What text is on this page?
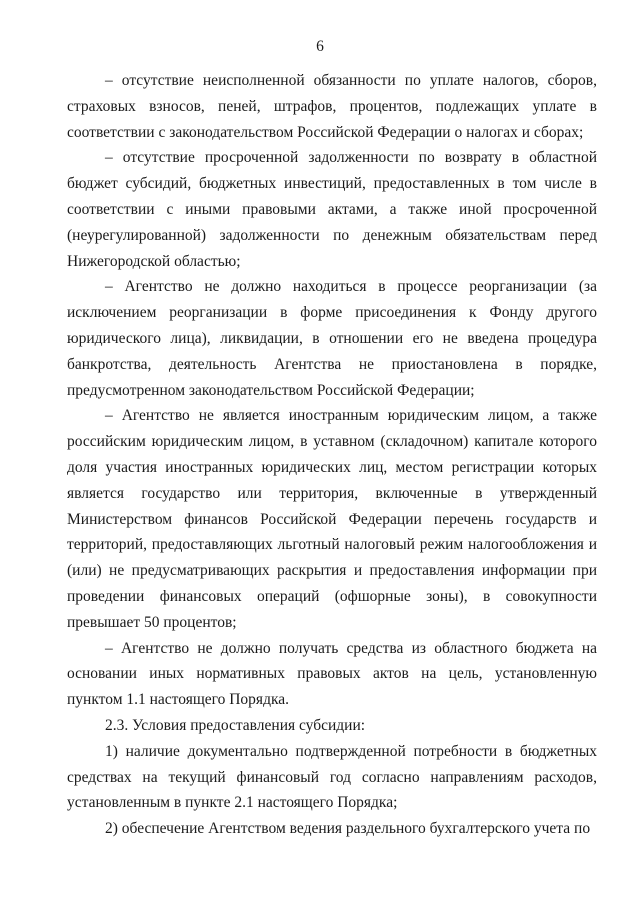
6

– отсутствие неисполненной обязанности по уплате налогов, сборов, страховых взносов, пеней, штрафов, процентов, подлежащих уплате в соответствии с законодательством Российской Федерации о налогах и сборах;

– отсутствие просроченной задолженности по возврату в областной бюджет субсидий, бюджетных инвестиций, предоставленных в том числе в соответствии с иными правовыми актами, а также иной просроченной (неурегулированной) задолженности по денежным обязательствам перед Нижегородской областью;

– Агентство не должно находиться в процессе реорганизации (за исключением реорганизации в форме присоединения к Фонду другого юридического лица), ликвидации, в отношении его не введена процедура банкротства, деятельность Агентства не приостановлена в порядке, предусмотренном законодательством Российской Федерации;

– Агентство не является иностранным юридическим лицом, а также российским юридическим лицом, в уставном (складочном) капитале которого доля участия иностранных юридических лиц, местом регистрации которых является государство или территория, включенные в утвержденный Министерством финансов Российской Федерации перечень государств и территорий, предоставляющих льготный налоговый режим налогообложения и (или) не предусматривающих раскрытия и предоставления информации при проведении финансовых операций (офшорные зоны), в совокупности превышает 50 процентов;

– Агентство не должно получать средства из областного бюджета на основании иных нормативных правовых актов на цель, установленную пунктом 1.1 настоящего Порядка.

2.3. Условия предоставления субсидии:

1) наличие документально подтвержденной потребности в бюджетных средствах на текущий финансовый год согласно направлениям расходов, установленным в пункте 2.1 настоящего Порядка;

2) обеспечение Агентством ведения раздельного бухгалтерского учета по
